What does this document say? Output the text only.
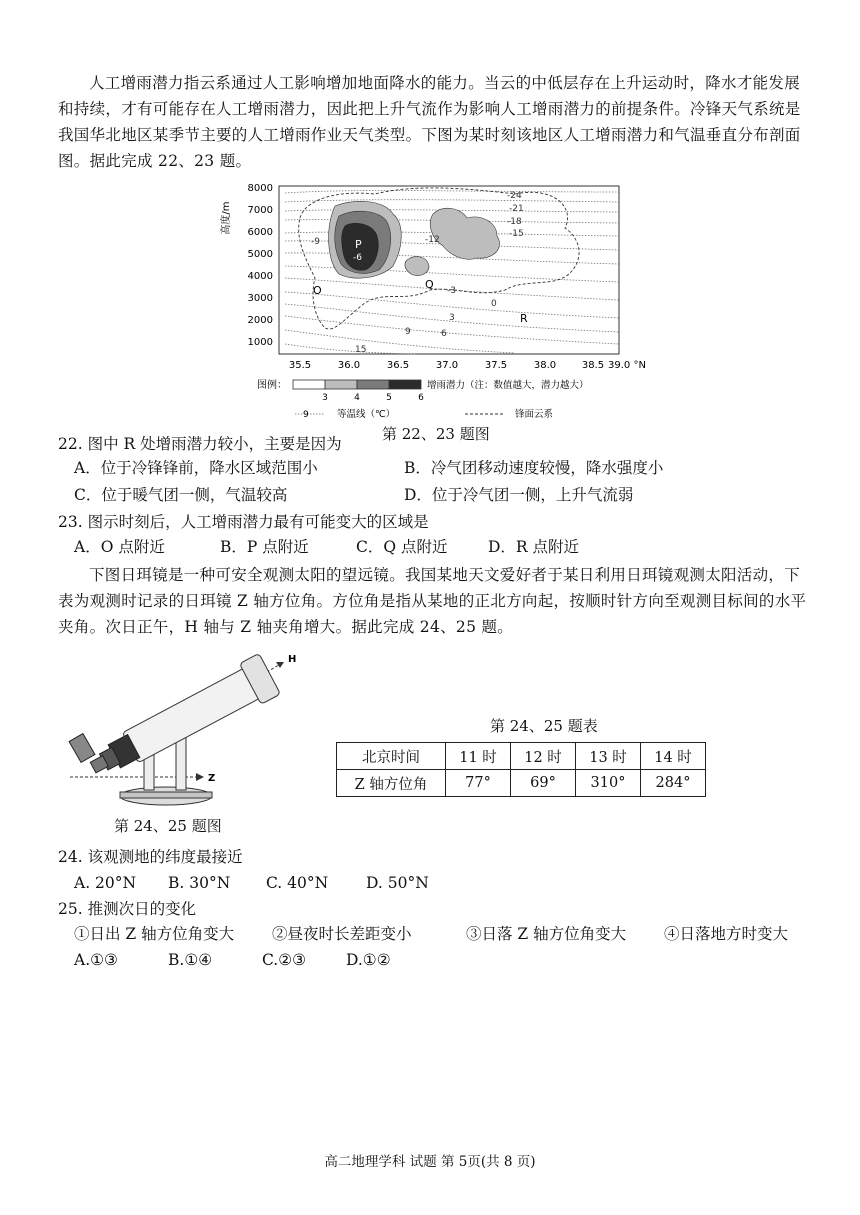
人工增雨潜力指云系通过人工影响增加地面降水的能力。当云的中低层存在上升运动时，降水才能发展和持续，才有可能存在人工增雨潜力，因此把上升气流作为影响人工增雨潜力的前提条件。冷锋天气系统是我国华北地区某季节主要的人工增雨作业天气类型。下图为某时刻该地区人工增雨潜力和气温垂直分布剖面图。据此完成 22、23 题。

高度/m
8000
7000
6000
5000
4000
3000
2000
1000
35.5	36.0	36.5	37.0	37.5	38.0	38.5 39.0 °N
-24
-21
-18
-15
-12
-9
-6
-3
0
3
6
9
15
O
P
Q
R
图例：
3	4	5	6
增雨潜力（注：数值越大，潜力越大）
9	等温线（℃）	锋面云系
第 22、23 题图

22. 图中 R 处增雨潜力较小，主要是因为

A．位于冷锋锋前，降水区域范围小	B．冷气团移动速度较慢，降水强度小

C．位于暖气团一侧，气温较高	D．位于冷气团一侧，上升气流弱

23. 图示时刻后，人工增雨潜力最有可能变大的区域是

A．O 点附近	B．P 点附近	C．Q 点附近	D．R 点附近

下图日珥镜是一种可安全观测太阳的望远镜。我国某地天文爱好者于某日利用日珥镜观测太阳活动，下表为观测时记录的日珥镜 Z 轴方位角。方位角是指从某地的正北方向起，按顺时针方向至观测目标间的水平夹角。次日正午，H 轴与 Z 轴夹角增大。据此完成 24、25 题。

H
Z
第 24、25 题图
第 24、25 题表
北京时间	11 时	12 时	13 时	14 时
Z 轴方位角	77°	69°	310°	284°

24. 该观测地的纬度最接近

A. 20°N B. 30°N C. 40°N D. 50°N

25. 推测次日的变化

①日出 Z 轴方位角变大 ②昼夜时长差距变小	③日落 Z 轴方位角变大 ④日落地方时变大

A.①③	B.①④	C.②③	D.①②

高二地理学科 试题 第 5页(共 8 页)
